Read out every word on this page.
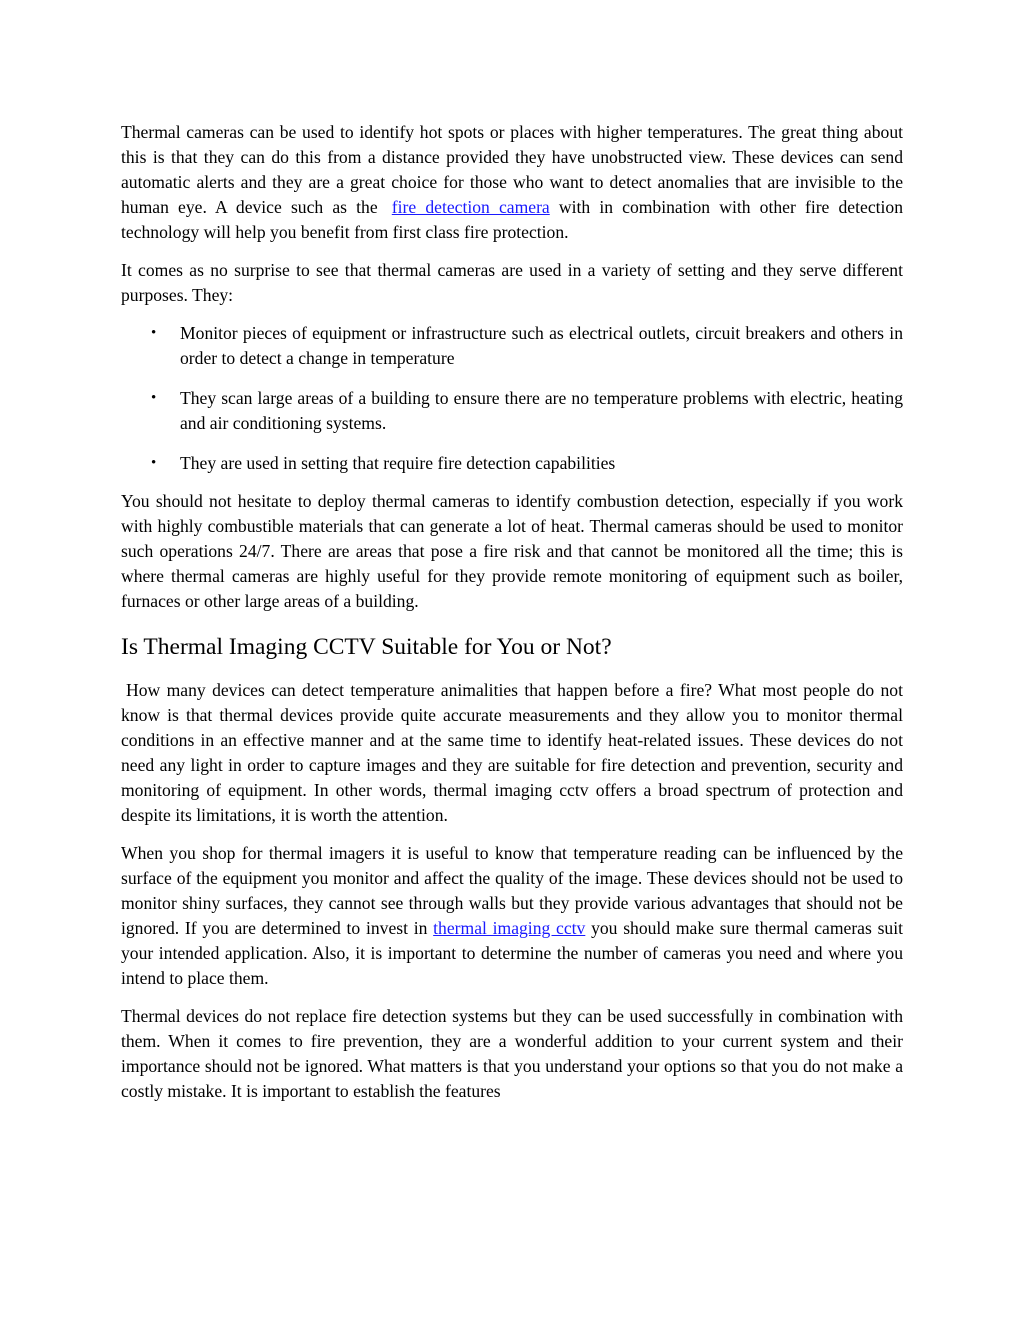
Thermal cameras can be used to identify hot spots or places with higher temperatures. The great thing about this is that they can do this from a distance provided they have unobstructed view. These devices can send automatic alerts and they are a great choice for those who want to detect anomalies that are invisible to the human eye. A device such as the fire detection camera with in combination with other fire detection technology will help you benefit from first class fire protection.

It comes as no surprise to see that thermal cameras are used in a variety of setting and they serve different purposes. They:

• Monitor pieces of equipment or infrastructure such as electrical outlets, circuit breakers and others in order to detect a change in temperature
• They scan large areas of a building to ensure there are no temperature problems with electric, heating and air conditioning systems.
• They are used in setting that require fire detection capabilities

You should not hesitate to deploy thermal cameras to identify combustion detection, especially if you work with highly combustible materials that can generate a lot of heat. Thermal cameras should be used to monitor such operations 24/7. There are areas that pose a fire risk and that cannot be monitored all the time; this is where thermal cameras are highly useful for they provide remote monitoring of equipment such as boiler, furnaces or other large areas of a building.

Is Thermal Imaging CCTV Suitable for You or Not?

How many devices can detect temperature animalities that happen before a fire? What most people do not know is that thermal devices provide quite accurate measurements and they allow you to monitor thermal conditions in an effective manner and at the same time to identify heat-related issues. These devices do not need any light in order to capture images and they are suitable for fire detection and prevention, security and monitoring of equipment. In other words, thermal imaging cctv offers a broad spectrum of protection and despite its limitations, it is worth the attention.

When you shop for thermal imagers it is useful to know that temperature reading can be influenced by the surface of the equipment you monitor and affect the quality of the image. These devices should not be used to monitor shiny surfaces, they cannot see through walls but they provide various advantages that should not be ignored. If you are determined to invest in thermal imaging cctv you should make sure thermal cameras suit your intended application. Also, it is important to determine the number of cameras you need and where you intend to place them.

Thermal devices do not replace fire detection systems but they can be used successfully in combination with them. When it comes to fire prevention, they are a wonderful addition to your current system and their importance should not be ignored. What matters is that you understand your options so that you do not make a costly mistake. It is important to establish the features
